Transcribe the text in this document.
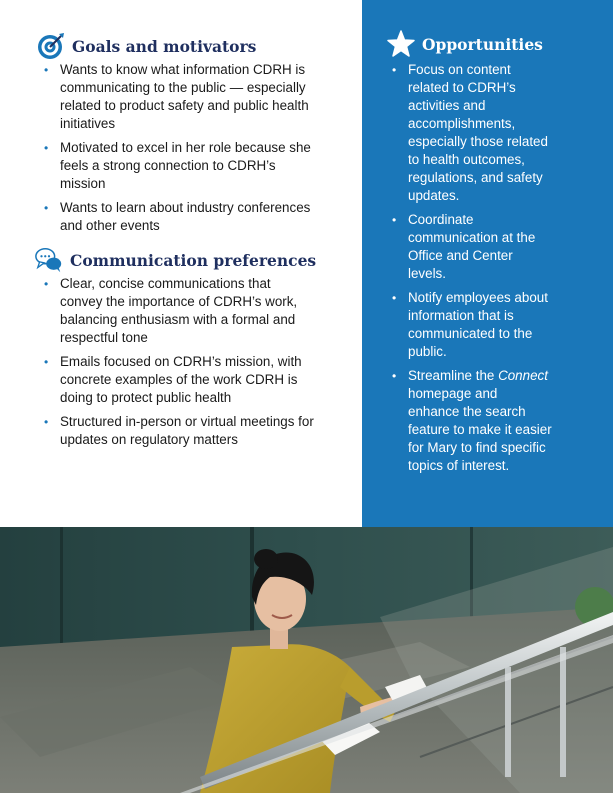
Goals and motivators
• Wants to know what information CDRH is communicating to the public — especially related to product safety and public health initiatives
• Motivated to excel in her role because she feels a strong connection to CDRH’s mission
• Wants to learn about industry conferences and other events
Communication preferences
• Clear, concise communications that convey the importance of CDRH’s work, balancing enthusiasm with a formal and respectful tone
• Emails focused on CDRH’s mission, with concrete examples of the work CDRH is doing to protect public health
• Structured in-person or virtual meetings for updates on regulatory matters
Opportunities
• Focus on content related to CDRH’s activities and accomplishments, especially those related to health outcomes, regulations, and safety updates.
• Coordinate communication at the Office and Center levels.
• Notify employees about information that is communicated to the public.
• Streamline the Connect homepage and enhance the search feature to make it easier for Mary to find specific topics of interest.
